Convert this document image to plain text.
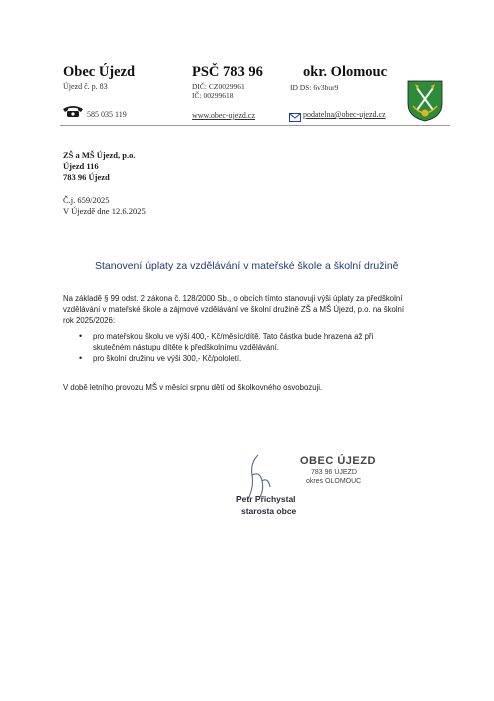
Obec Újezd
Újezd č. p. 83
585 035 119
PSČ 783 96
DIČ: CZ0029961
IČ: 00299618
www.obec-ujezd.cz
okr. Olomouc
ID DS: 6v3bur9
podatelna@obec-ujezd.cz
ZŠ a MŠ Újezd, p.o.
Újezd 116
783 96 Újezd
Č.j. 659/2025
V Újezdě dne 12.6.2025
Stanovení úplaty za vzdělávání v mateřské škole a školní družině
Na základě § 99 odst. 2 zákona č. 128/2000 Sb., o obcích tímto stanovuji výši úplaty za předškolní vzdělávání v mateřské škole a zájmové vzdělávání ve školní družině ZŠ a MŠ Újezd, p.o. na školní rok 2025/2026:
• pro mateřskou školu ve výši 400,- Kč/měsíc/dítě. Tato částka bude hrazena až při skutečném nástupu dítěte k předškolnímu vzdělávání.
• pro školní družinu ve výši 300,- Kč/pololetí.
V době letního provozu MŠ v měsíci srpnu dětí od školkovného osvobozuji.
OBEC ÚJEZD
783 96 ÚJEZD
okres OLOMOUC
Petr Přichystal
starosta obce
